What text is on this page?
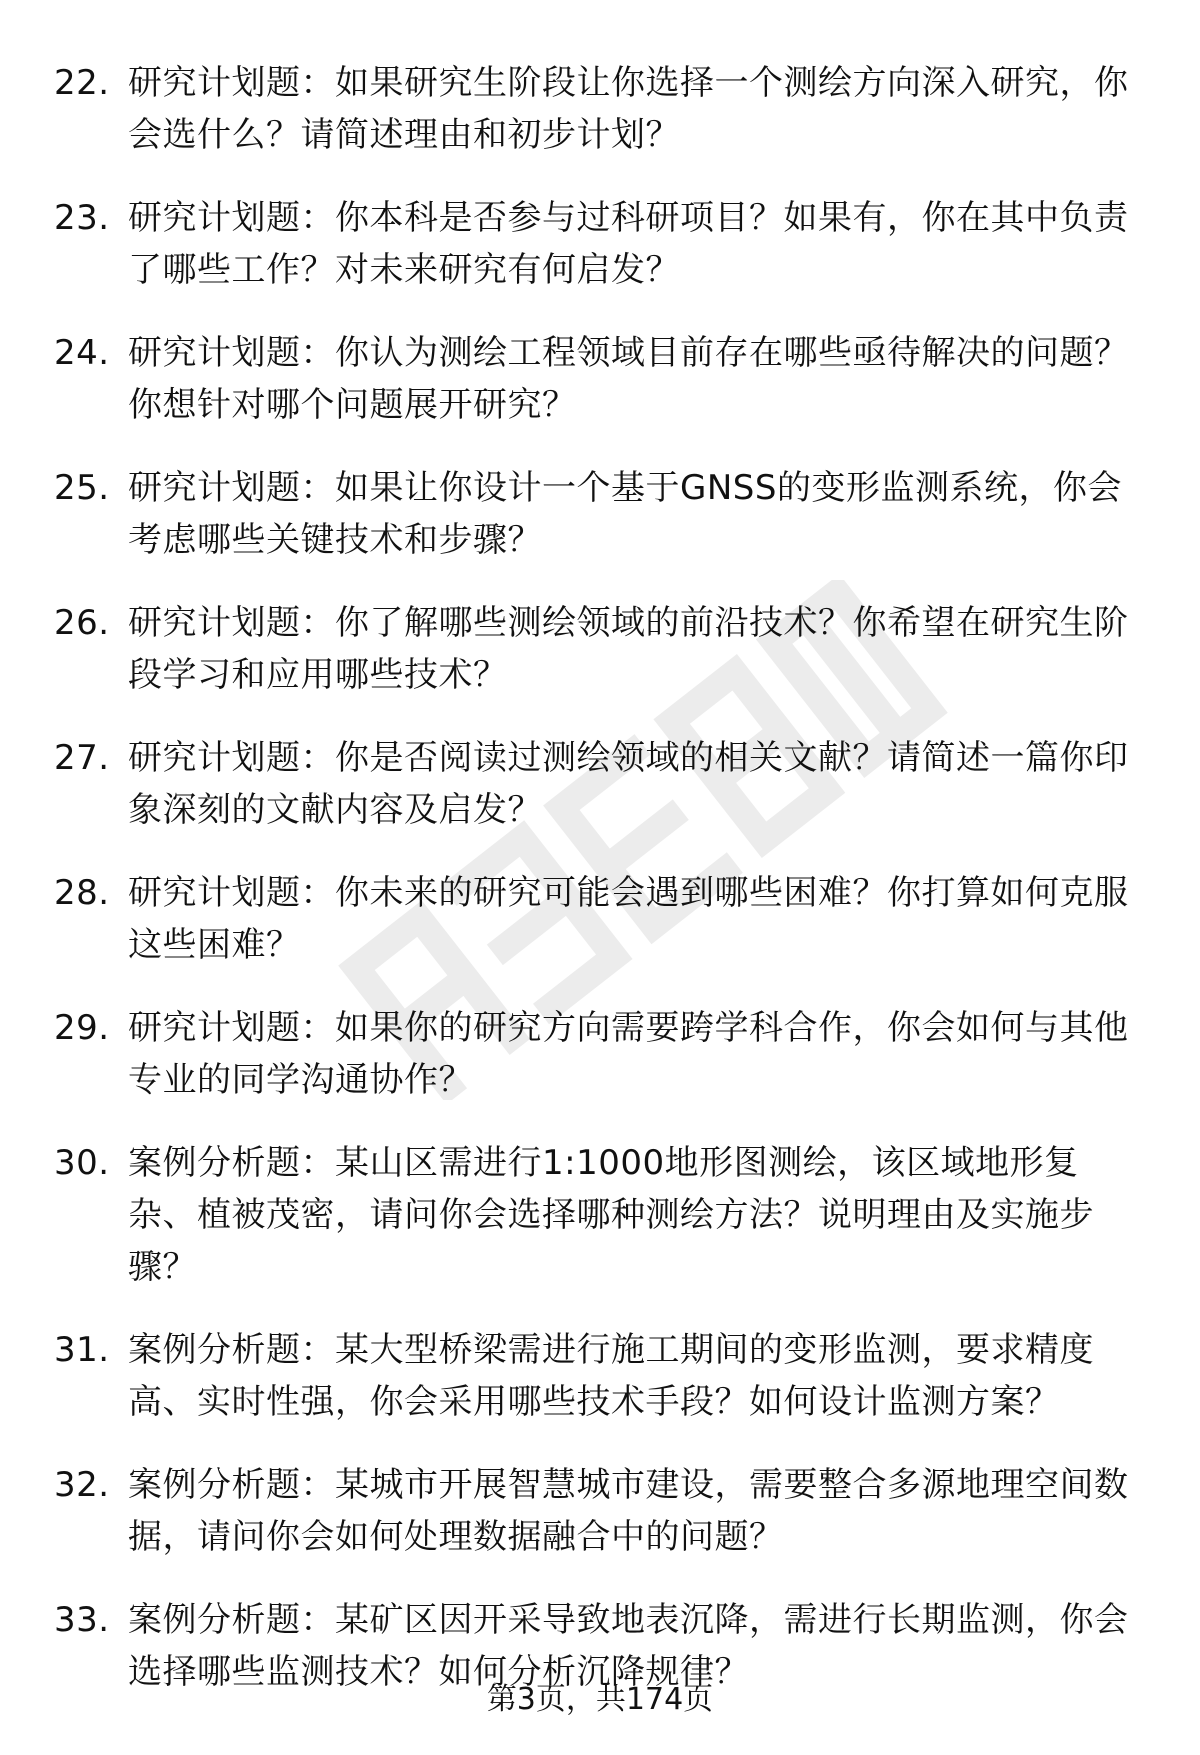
22. 研究计划题：如果研究生阶段让你选择一个测绘方向深入研究，你会选什么？请简述理由和初步计划？
23. 研究计划题：你本科是否参与过科研项目？如果有，你在其中负责了哪些工作？对未来研究有何启发？
24. 研究计划题：你认为测绘工程领域目前存在哪些亟待解决的问题？你想针对哪个问题展开研究？
25. 研究计划题：如果让你设计一个基于GNSS的变形监测系统，你会考虑哪些关键技术和步骤？
26. 研究计划题：你了解哪些测绘领域的前沿技术？你希望在研究生阶段学习和应用哪些技术？
27. 研究计划题：你是否阅读过测绘领域的相关文献？请简述一篇你印象深刻的文献内容及启发？
28. 研究计划题：你未来的研究可能会遇到哪些困难？你打算如何克服这些困难？
29. 研究计划题：如果你的研究方向需要跨学科合作，你会如何与其他专业的同学沟通协作？
30. 案例分析题：某山区需进行1:1000地形图测绘，该区域地形复杂、植被茂密，请问你会选择哪种测绘方法？说明理由及实施步骤？
31. 案例分析题：某大型桥梁需进行施工期间的变形监测，要求精度高、实时性强，你会采用哪些技术手段？如何设计监测方案？
32. 案例分析题：某城市开展智慧城市建设，需要整合多源地理空间数据，请问你会如何处理数据融合中的问题？
33. 案例分析题：某矿区因开采导致地表沉降，需进行长期监测，你会选择哪些监测技术？如何分析沉降规律？
第3页，共174页
